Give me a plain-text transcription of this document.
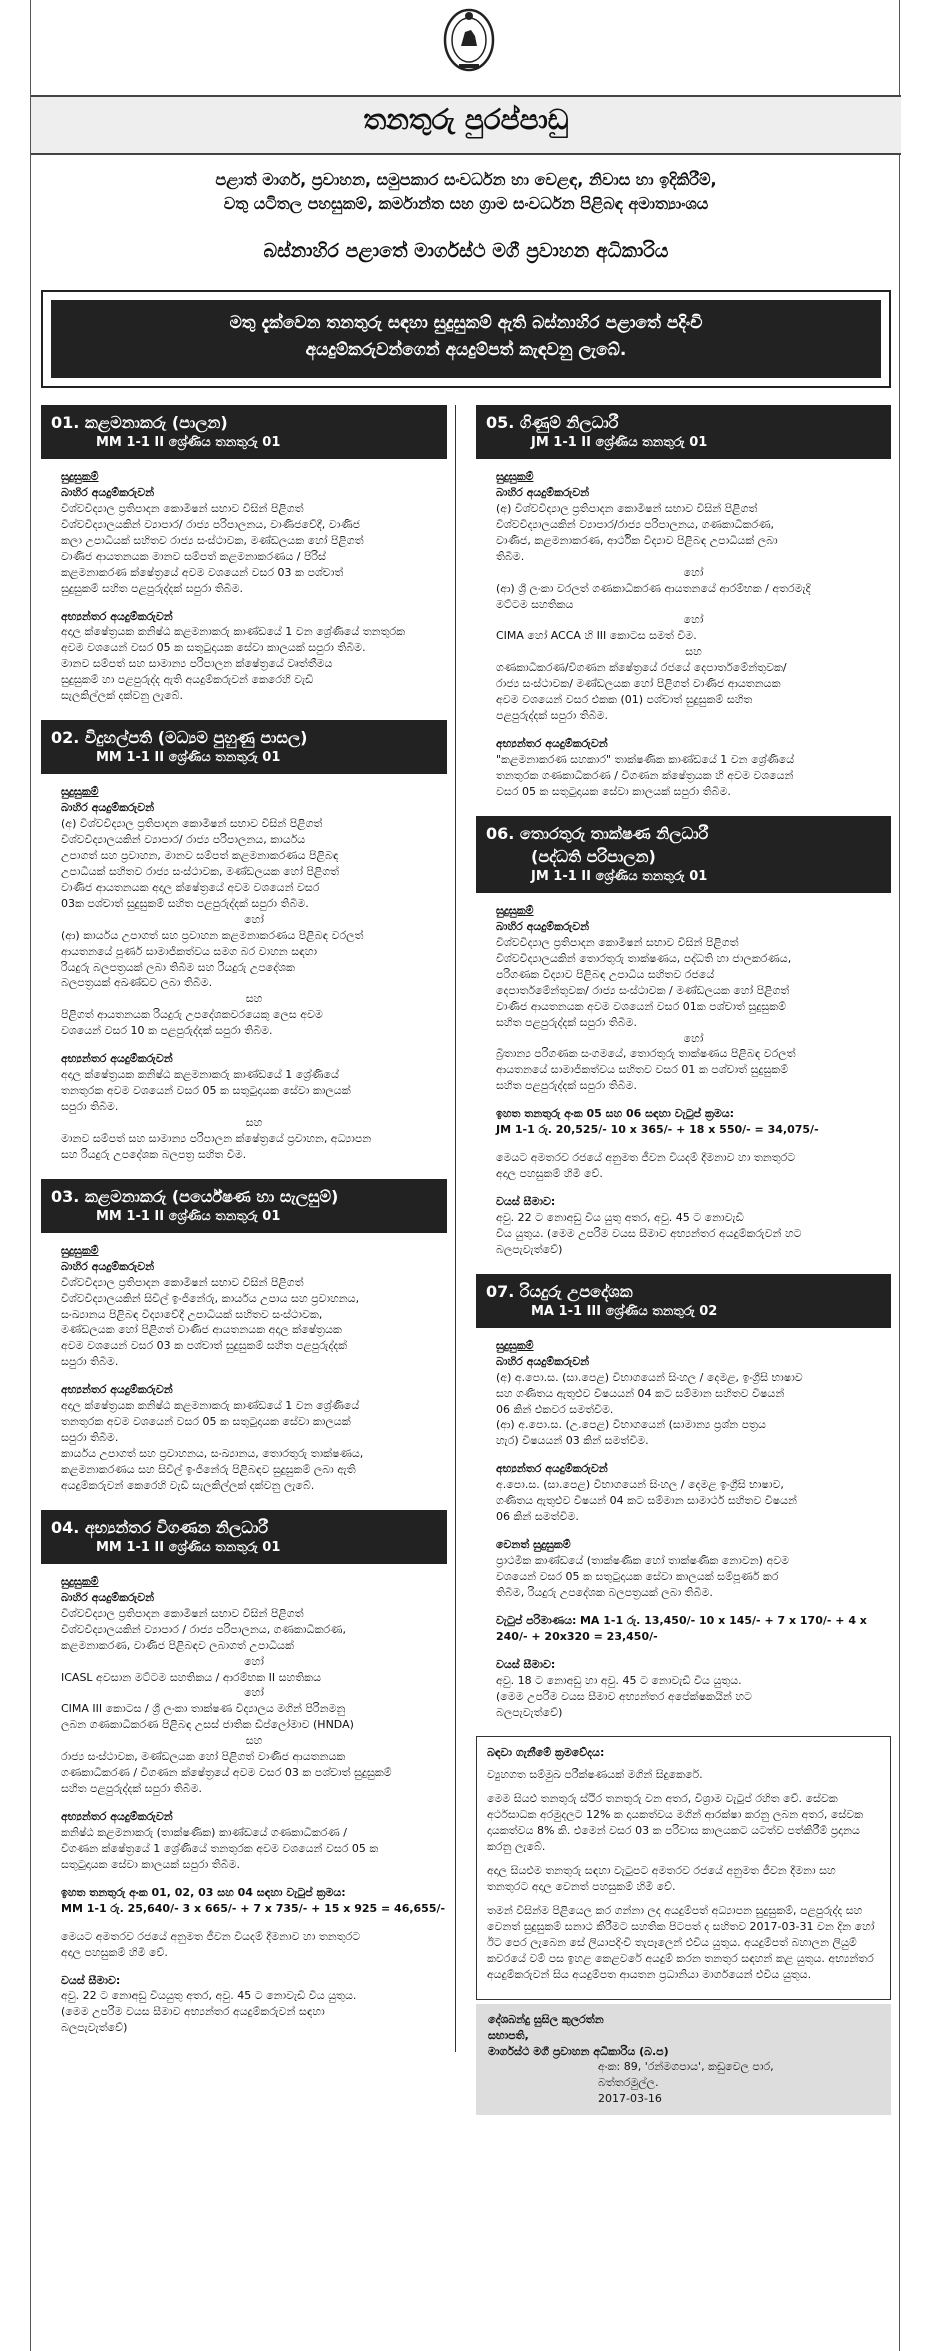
තනතුරු පුරප්පාඩු
පළාත් මාර්ග, ප්‍රවාහන, සමුපකාර සංවර්ධන හා වෙළඳ, නිවාස හා ඉදිකිරීම්,
වතු යටිතල පහසුකම්, කර්මාන්ත සහ ග්‍රාම සංවර්ධන පිළිබඳ අමාත්‍යාංශය
බස්නාහිර පළාතේ මාර්ගස්ථ මගී ප්‍රවාහන අධිකාරිය
මතු දැක්වෙන තනතුරු සඳහා සුදුසුකම් ඇති බස්නාහිර පළාතේ පදිංචි
අයදුම්කරුවන්ගෙන් අයදුම්පත් කැඳවනු ලැබේ.
01. කළමනාකරු (පාලන)
MM 1-1 II ශ්‍රේණිය තනතුරු 01
සුදුසුකම්
බාහිර අයදුම්කරුවන්
විශ්වවිද්‍යාල ප්‍රතිපාදන කොමිෂන් සභාව විසින් පිළිගත්
විශ්වවිද්‍යාලයකින් ව්‍යාපාර/ රාජ්‍ය පරිපාලනය, වාණිජවේදී, වාණිජ
කලා උපාධියක් සහිතව රාජ්‍ය සංස්ථාවක, මණ්ඩලයක හෝ පිළිගත්
වාණිජ ආයතනයක මානව සම්පත් කළමනාකරණය / පිරිස්
කළමනාකරණ ක්ෂේත්‍රයේ අවම වශයෙන් වසර 03 ක පශ්චාත්
සුදුසුකම් සහිත පළපුරුද්දක් සපුරා තිබීම.
අභ්‍යන්තර අයදුම්කරුවන්
අදාල ක්ෂේත්‍රයක කනිෂ්ඨ කළමනාකරු කාණ්ඩයේ 1 වන ශ්‍රේණියේ තනතුරක
අවම වශයෙන් වසර 05 ක සතුටුදායක සේවා කාලයක් සපුරා තිබීම.
මානව සම්පත් සහ සාමාන්‍ය පරිපාලන ක්ෂේත්‍රයේ වෘත්තීමය
සුදුසුකම් හා පළපුරුද්ද ඇති අයදුම්කරුවන් කෙරෙහි වැඩි
සැලකිල්ලක් දක්වනු ලැබේ.
02. විදුහල්පති (මධ්‍යම පුහුණු පාසල)
MM 1-1 II ශ්‍රේණිය තනතුරු 01
සුදුසුකම්
බාහිර අයදුම්කරුවන්
(අ) විශ්වවිද්‍යාල ප්‍රතිපාදන කොමිෂන් සභාව විසින් පිළිගත්
විශ්වවිද්‍යාලයකින් ව්‍යාපාර/ රාජ්‍ය පරිපාලනය, කාර්යය
උපාගත් සහ ප්‍රවාහන, මානව සම්පත් කළමනාකරණය පිළිබඳ
උපාධියක් සහිතව රාජ්‍ය සංස්ථාවක, මණ්ඩලයක හෝ පිළිගත්
වාණිජ ආයතනයක අදාල ක්ෂේත්‍රයේ අවම වශයෙන් වසර
03ක පශ්චාත් සුදුසුකම් සහිත පළපුරුද්දක් සපුරා තිබීම.
හෝ
(ආ) කාර්යය උපාගත් සහ ප්‍රවාහන කළමනාකරණය පිළිබඳ වරලත්
ආයතනයේ පූර්ණ සාමාජිකත්වය සමග බර වාහන සඳහා
රියදුරු බලපත්‍රයක් ලබා තිබීම සහ රියදුරු උපදේශක
බලපත්‍රයක් අඛණ්ඩව ලබා තිබීම.
සහ
පිළිගත් ආයතනයක රියදුරු උපදේශකවරයෙකු ලෙස අවම
වශයෙන් වසර 10 ක පළපුරුද්දක් සපුරා තිබීම.
අභ්‍යන්තර අයදුම්කරුවන්
අදාල ක්ෂේත්‍රයක කනිෂ්ඨ කළමනාකරු කාණ්ඩයේ 1 ශ්‍රේණියේ
තනතුරක අවම වශයෙන් වසර 05 ක සතුටුදායක සේවා කාලයක්
සපුරා තිබීම.
සහ
මානව සම්පත් සහ සාමාන්‍ය පරිපාලන ක්ෂේත්‍රයේ ප්‍රවාහන, අධ්‍යාපන
සහ රියදුරු උපදේශක බලපත්‍ර සහිත වීම.
03. කළමනාකරු (පර්යේෂණ හා සැලසුම්)
MM 1-1 II ශ්‍රේණිය තනතුරු 01
සුදුසුකම්
බාහිර අයදුම්කරුවන්
විශ්වවිද්‍යාල ප්‍රතිපාදන කොමිෂන් සභාව විසින් පිළිගත්
විශ්වවිද්‍යාලයකින් සිවිල් ඉංජිනේරු, කාර්යය උපාය සහ ප්‍රවාහනය,
සංඛ්‍යානය පිළිබඳ විද්‍යාවේදී උපාධියක් සහිතව සංස්ථාවක,
මණ්ඩලයක හෝ පිළිගත් වාණිජ ආයතනයක අදාල ක්ෂේත්‍රයක
අවම වශයෙන් වසර 03 ක පශ්චාත් සුදුසුකම් සහිත පළපුරුද්දක්
සපුරා තිබීම.
අභ්‍යන්තර අයදුම්කරුවන්
අදාල ක්ෂේත්‍රයක කනිෂ්ඨ කළමනාකරු කාණ්ඩයේ 1 වන ශ්‍රේණියේ
තනතුරක අවම වශයෙන් වසර 05 ක සතුටුදායක සේවා කාලයක්
සපුරා තිබීම.
කාර්යය උපාගත් සහ ප්‍රවාහනය, සංඛ්‍යානය, තොරතුරු තාක්ෂණය,
කළමනාකරණය සහ සිවිල් ඉංජිනේරු පිළිබඳව සුදුසුකම් ලබා ඇති
අයදුම්කරුවන් කෙරෙහි වැඩි සැලකිල්ලක් දක්වනු ලැබේ.
04. අභ්‍යන්තර විගණන නිලධාරී
MM 1-1 II ශ්‍රේණිය තනතුරු 01
සුදුසුකම්
බාහිර අයදුම්කරුවන්
විශ්වවිද්‍යාල ප්‍රතිපාදන කොමිෂන් සභාව විසින් පිළිගත්
විශ්වවිද්‍යාලයකින් ව්‍යාපාර / රාජ්‍ය පරිපාලනය, ගණකාධිකරණ,
කළමනාකරණ, වාණිජ පිළිබඳව ලබාගත් උපාධියක්
හෝ
ICASL අවසාන මට්ටම සහතිකය / ආරම්භක II සහතිකය
හෝ
CIMA III කොටස / ශ්‍රී ලංකා තාක්ෂණ විද්‍යාලය මගින් පිරිනමනු
ලබන ගණකාධිකරණ පිළිබඳ උසස් ජාතික ඩිප්ලෝමාව (HNDA)
සහ
රාජ්‍ය සංස්ථාවක, මණ්ඩලයක හෝ පිළිගත් වාණිජ ආයතනයක
ගණකාධිකරණ / විගණන ක්ෂේත්‍රයේ අවම වසර 03 ක පශ්චාත් සුදුසුකම්
සහිත පළපුරුද්දක් සපුරා තිබීම.
අභ්‍යන්තර අයදුම්කරුවන්
කනිෂ්ඨ කළමනාකරු (තාක්ෂණික) කාණ්ඩයේ ගණකාධිකරණ /
විගණන ක්ෂේත්‍රයේ 1 ශ්‍රේණියේ තනතුරක අවම වශයෙන් වසර 05 ක
සතුටුදායක සේවා කාලයක් සපුරා තිබීම.
ඉහත තනතුරු අංක 01, 02, 03 සහ 04 සඳහා වැටුප් ක්‍රමය:
MM 1-1 රු. 25,640/- 3 x 665/- + 7 x 735/- + 15 x 925 = 46,655/-
මෙයට අමතරව රජයේ අනුමත ජීවන වියදම් දීමනාව හා තනතුරට
අදාල පහසුකම් හිමි වේ.
වයස් සීමාව:
අවු. 22 ට නොඅඩු වියයුතු අතර, අවු. 45 ට නොවැඩි විය යුතුය.
(මෙම උපරිම වයස සීමාව අභ්‍යන්තර අයදුම්කරුවන් සඳහා
බලපැවැත්වේ)
05. ගිණුම් නිලධාරී
JM 1-1 II ශ්‍රේණිය තනතුරු 01
සුදුසුකම්
බාහිර අයදුම්කරුවන්
(අ) විශ්වවිද්‍යාල ප්‍රතිපාදන කොමිෂන් සභාව විසින් පිළිගත්
විශ්වවිද්‍යාලයකින් ව්‍යාපාර/රාජ්‍ය පරිපාලනය, ගණකාධිකරණ,
වාණිජ, කළමනාකරණ, ආර්ථික විද්‍යාව පිළිබඳ උපාධියක් ලබා
තිබීම.
හෝ
(ආ) ශ්‍රී ලංකා වරලත් ගණකාධිකරණ ආයතනයේ ආරම්භක / අතරමැදි
මට්ටම සහතිකය
හෝ
CIMA හෝ ACCA හි III කොටස සමත් වීම.
සහ
ගණකාධිකරණ/විගණන ක්ෂේත්‍රයේ රජයේ දෙපාර්තමේන්තුවක/
රාජ්‍ය සංස්ථාවක/ මණ්ඩලයක හෝ පිළිගත් වාණිජ ආයතනයක
අවම වශයෙන් වසර එකක (01) පශ්චාත් සුදුසුකම් සහිත
පළපුරුද්දක් සපුරා තිබීම.
අභ්‍යන්තර අයදුම්කරුවන්
"කළමනාකරණ සහකාර" තාක්ෂණික කාණ්ඩයේ 1 වන ශ්‍රේණියේ
තනතුරක ගණකාධිකරණ / විගණන ක්ෂේත්‍රයක හි අවම වශයෙන්
වසර 05 ක සතුටුදායක සේවා කාලයක් සපුරා තිබීම.
06. තොරතුරු තාක්ෂණ නිලධාරී
(පද්ධති පරිපාලන)
JM 1-1 II ශ්‍රේණිය තනතුරු 01
සුදුසුකම්
බාහිර අයදුම්කරුවන්
විශ්වවිද්‍යාල ප්‍රතිපාදන කොමිෂන් සභාව විසින් පිළිගත්
විශ්වවිද්‍යාලයකින් තොරතුරු තාක්ෂණය, පද්ධති හා ජාලකරණය,
පරිගණක විද්‍යාව පිළිබඳ උපාධිය සහිතව රජයේ
දෙපාර්තමේන්තුවක/ රාජ්‍ය සංස්ථාවක / මණ්ඩලයක හෝ පිළිගත්
වාණිජ ආයතනයක අවම වශයෙන් වසර 01ක පශ්චාත් සුදුසුකම්
සහිත පළපුරුද්දක් සපුරා තිබීම.
හෝ
බ්‍රිතාන්‍ය පරිගණක සංගමයේ, තොරතුරු තාක්ෂණය පිළිබඳ වරලත්
ආයතනයේ සාමාජිකත්වය සහිතව වසර 01 ක පශ්චාත් සුදුසුකම්
සහිත පළපුරුද්දක් සපුරා තිබීම.
ඉහත තනතුරු අංක 05 සහ 06 සඳහා වැටුප් ක්‍රමය:
JM 1-1 රු. 20,525/- 10 x 365/- + 18 x 550/- = 34,075/-
මෙයට අමතරව රජයේ අනුමත ජීවන වියදම් දීමනාව හා තනතුරට
අදාල පහසුකම් හිමි වේ.
වයස් සීමාව:
අවු. 22 ට නොඅඩු විය යුතු අතර, අවු. 45 ට නොවැඩි
විය යුතුය. (මෙම උපරිම වයස සීමාව අභ්‍යන්තර අයදුම්කරුවන් හට
බලපැවැත්වේ)
07. රියදුරු උපදේශක
MA 1-1 III ශ්‍රේණිය තනතුරු 02
සුදුසුකම්
බාහිර අයදුම්කරුවන්
(අ) අ.පො.ස. (සා.පෙළ) විභාගයෙන් සිංහල / දෙමළ, ඉංග්‍රීසි භාෂාව
සහ ගණිතය ඇතුළුව විෂයයන් 04 කට සම්මාන සහිතව විෂයන්
06 කින් එකවර සමත්වීම.
(ආ) අ.පො.ස. (උ.පෙළ) විභාගයෙන් (සාමාන්‍ය ප්‍රශ්න පත්‍රය
හැර) විෂයයන් 03 කින් සමත්වීම.
අභ්‍යන්තර අයදුම්කරුවන්
අ.පො.ස. (සා.පෙළ) විභාගයෙන් සිංහල / දෙමළ ඉංග්‍රීසි භාෂාව,
ගණිතය ඇතුළුව විෂයන් 04 කට සම්මාන සාමාර්ථ සහිතව විෂයන්
06 කින් සමත්වීම.
වෙනත් සුදුසුකම්
ප්‍රාථමික කාණ්ඩයේ (තාක්ෂණික හෝ තාක්ෂණික නොවන) අවම
වශයෙන් වසර 05 ක සතුටුදායක සේවා කාලයක් සම්පූර්ණ කර
තිබීම, රියදුරු උපදේශක බලපත්‍රයක් ලබා තිබීම.
වැටුප් පරිමාණය: MA 1-1 රු. 13,450/- 10 x 145/- + 7 x 170/- + 4 x 240/- + 20x320 = 23,450/-
වයස් සීමාව:
අවු. 18 ට නොඅඩු හා අවු. 45 ට නොවැඩි විය යුතුය.
(මෙම උපරිම වයස සීමාව අභ්‍යන්තර අපේක්ෂකයින් හට
බලපැවැත්වේ)
බඳවා ගැනීමේ ක්‍රමවේදය:

ව්‍යුහගත සම්මුඛ පරීක්ෂණයක් මගින් සිදුකෙරේ.

මෙම සියළු තනතුරු ස්ථිර තනතුරු වන අතර, විශ්‍රාම වැටුප් රහිත වේ. සේවක අර්ථසාධක අරමුදලට 12% ක දායකත්වය මගින් ආරක්ෂා කරනු ලබන අතර, සේවක දායකත්වය 8% කි. එමෙන් වසර 03 ක පරිවාස කාලයකට යටත්ව පත්කිරීම් ප්‍රදානය කරනු ලැබේ.

අදාල සියළුම තනතුරු සඳහා වැටුපට අමතරව රජයේ අනුමත ජීවන දීමනා සහ තනතුරට අදාල වෙනත් පහසුකම් හිමි වේ.

තමන් විසින්ම පිළියෙල කර ගන්නා ලද අයදුම්පත් අධ්‍යාපන සුදුසුකම්, පළපුරුද්ද සහ වෙනත් සුදුසුකම් සනාථ කිරීමට සහතික පිටපත් ද සහිතව 2017-03-31 වන දින හෝ ඊට පෙර ලැබෙන සේ ලියාපදිංචි තැපෑලෙන් එවිය යුතුය. අයදුම්පත් බහාලන ලියුම් කවරයේ වම් පස ඉහළ කෙළවරේ අයදුම් කරන තනතුර සඳහන් කළ යුතුය. අභ්‍යන්තර අයදුම්කරුවන් සිය අයදුම්පත ආයතන ප්‍රධානියා මාර්ගයෙන් එවිය යුතුය.

දේශබන්දු සුසිල කුලරත්න
සභාපති,
මාර්ගස්ථ මගී ප්‍රවාහන අධිකාරිය (බ.ප)
අංක: 89, 'රන්මගපාය', කඩුවෙල පාර,
බත්තරමුල්ල.
2017-03-16
